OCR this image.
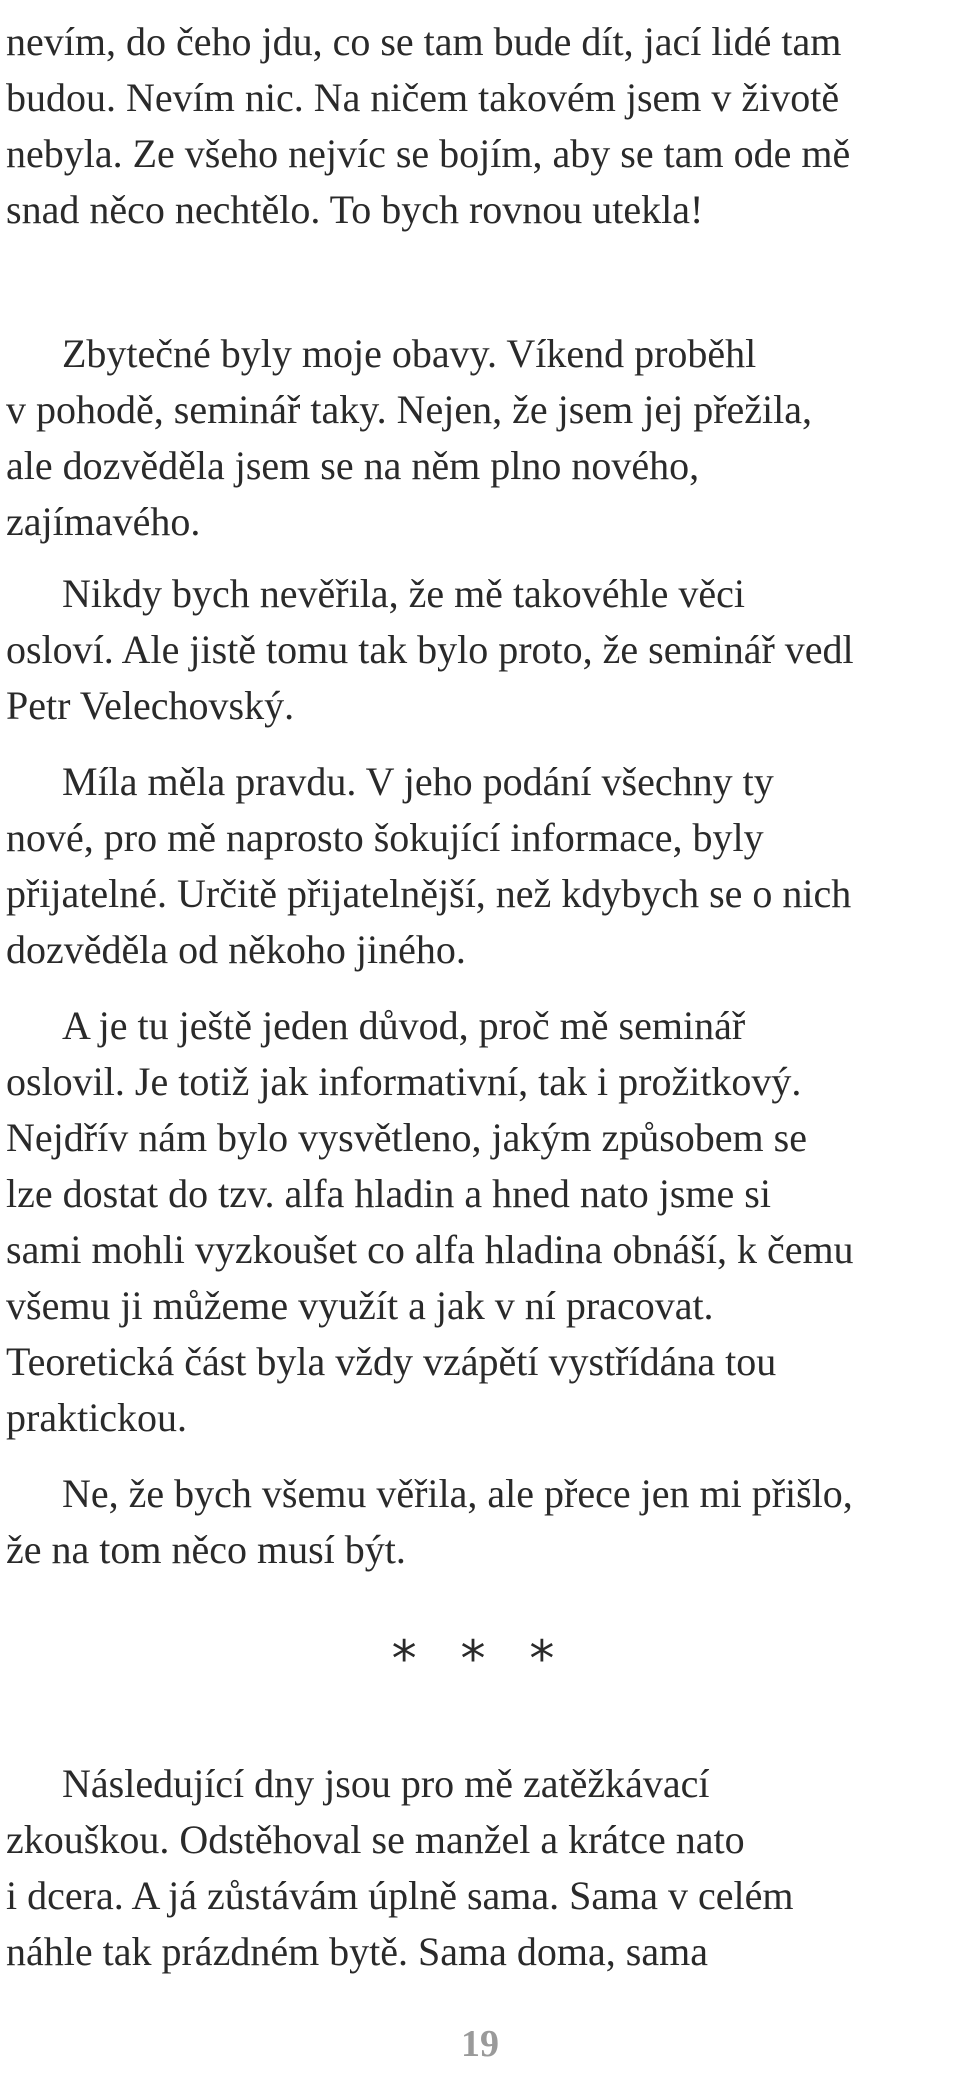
nevím, do čeho jdu, co se tam bude dít, jací lidé tam
budou. Nevím nic. Na ničem takovém jsem v životě
nebyla. Ze všeho nejvíc se bojím, aby se tam ode mě
snad něco nechtělo. To bych rovnou utekla!
Zbytečné byly moje obavy. Víkend proběhl
v pohodě, seminář taky. Nejen, že jsem jej přežila,
ale dozvěděla jsem se na něm plno nového,
zajímavého.
Nikdy bych nevěřila, že mě takovéhle věci
osloví. Ale jistě tomu tak bylo proto, že seminář vedl
Petr Velechovský.
Míla měla pravdu. V jeho podání všechny ty
nové, pro mě naprosto šokující informace, byly
přijatelné. Určitě přijatelnější, než kdybych se o nich
dozvěděla od někoho jiného.
A je tu ještě jeden důvod, proč mě seminář
oslovil. Je totiž jak informativní, tak i prožitkový.
Nejdřív nám bylo vysvětleno, jakým způsobem se
lze dostat do tzv. alfa hladin a hned nato jsme si
sami mohli vyzkoušet co alfa hladina obnáší, k čemu
všemu ji můžeme využít a jak v ní pracovat.
Teoretická část byla vždy vzápětí vystřídána tou
praktickou.
Ne, že bych všemu věřila, ale přece jen mi přišlo,
že na tom něco musí být.
* * *
Následující dny jsou pro mě zatěžkávací
zkouškou. Odstěhoval se manžel a krátce nato
i dcera. A já zůstávám úplně sama. Sama v celém
náhle tak prázdném bytě. Sama doma, sama
19
